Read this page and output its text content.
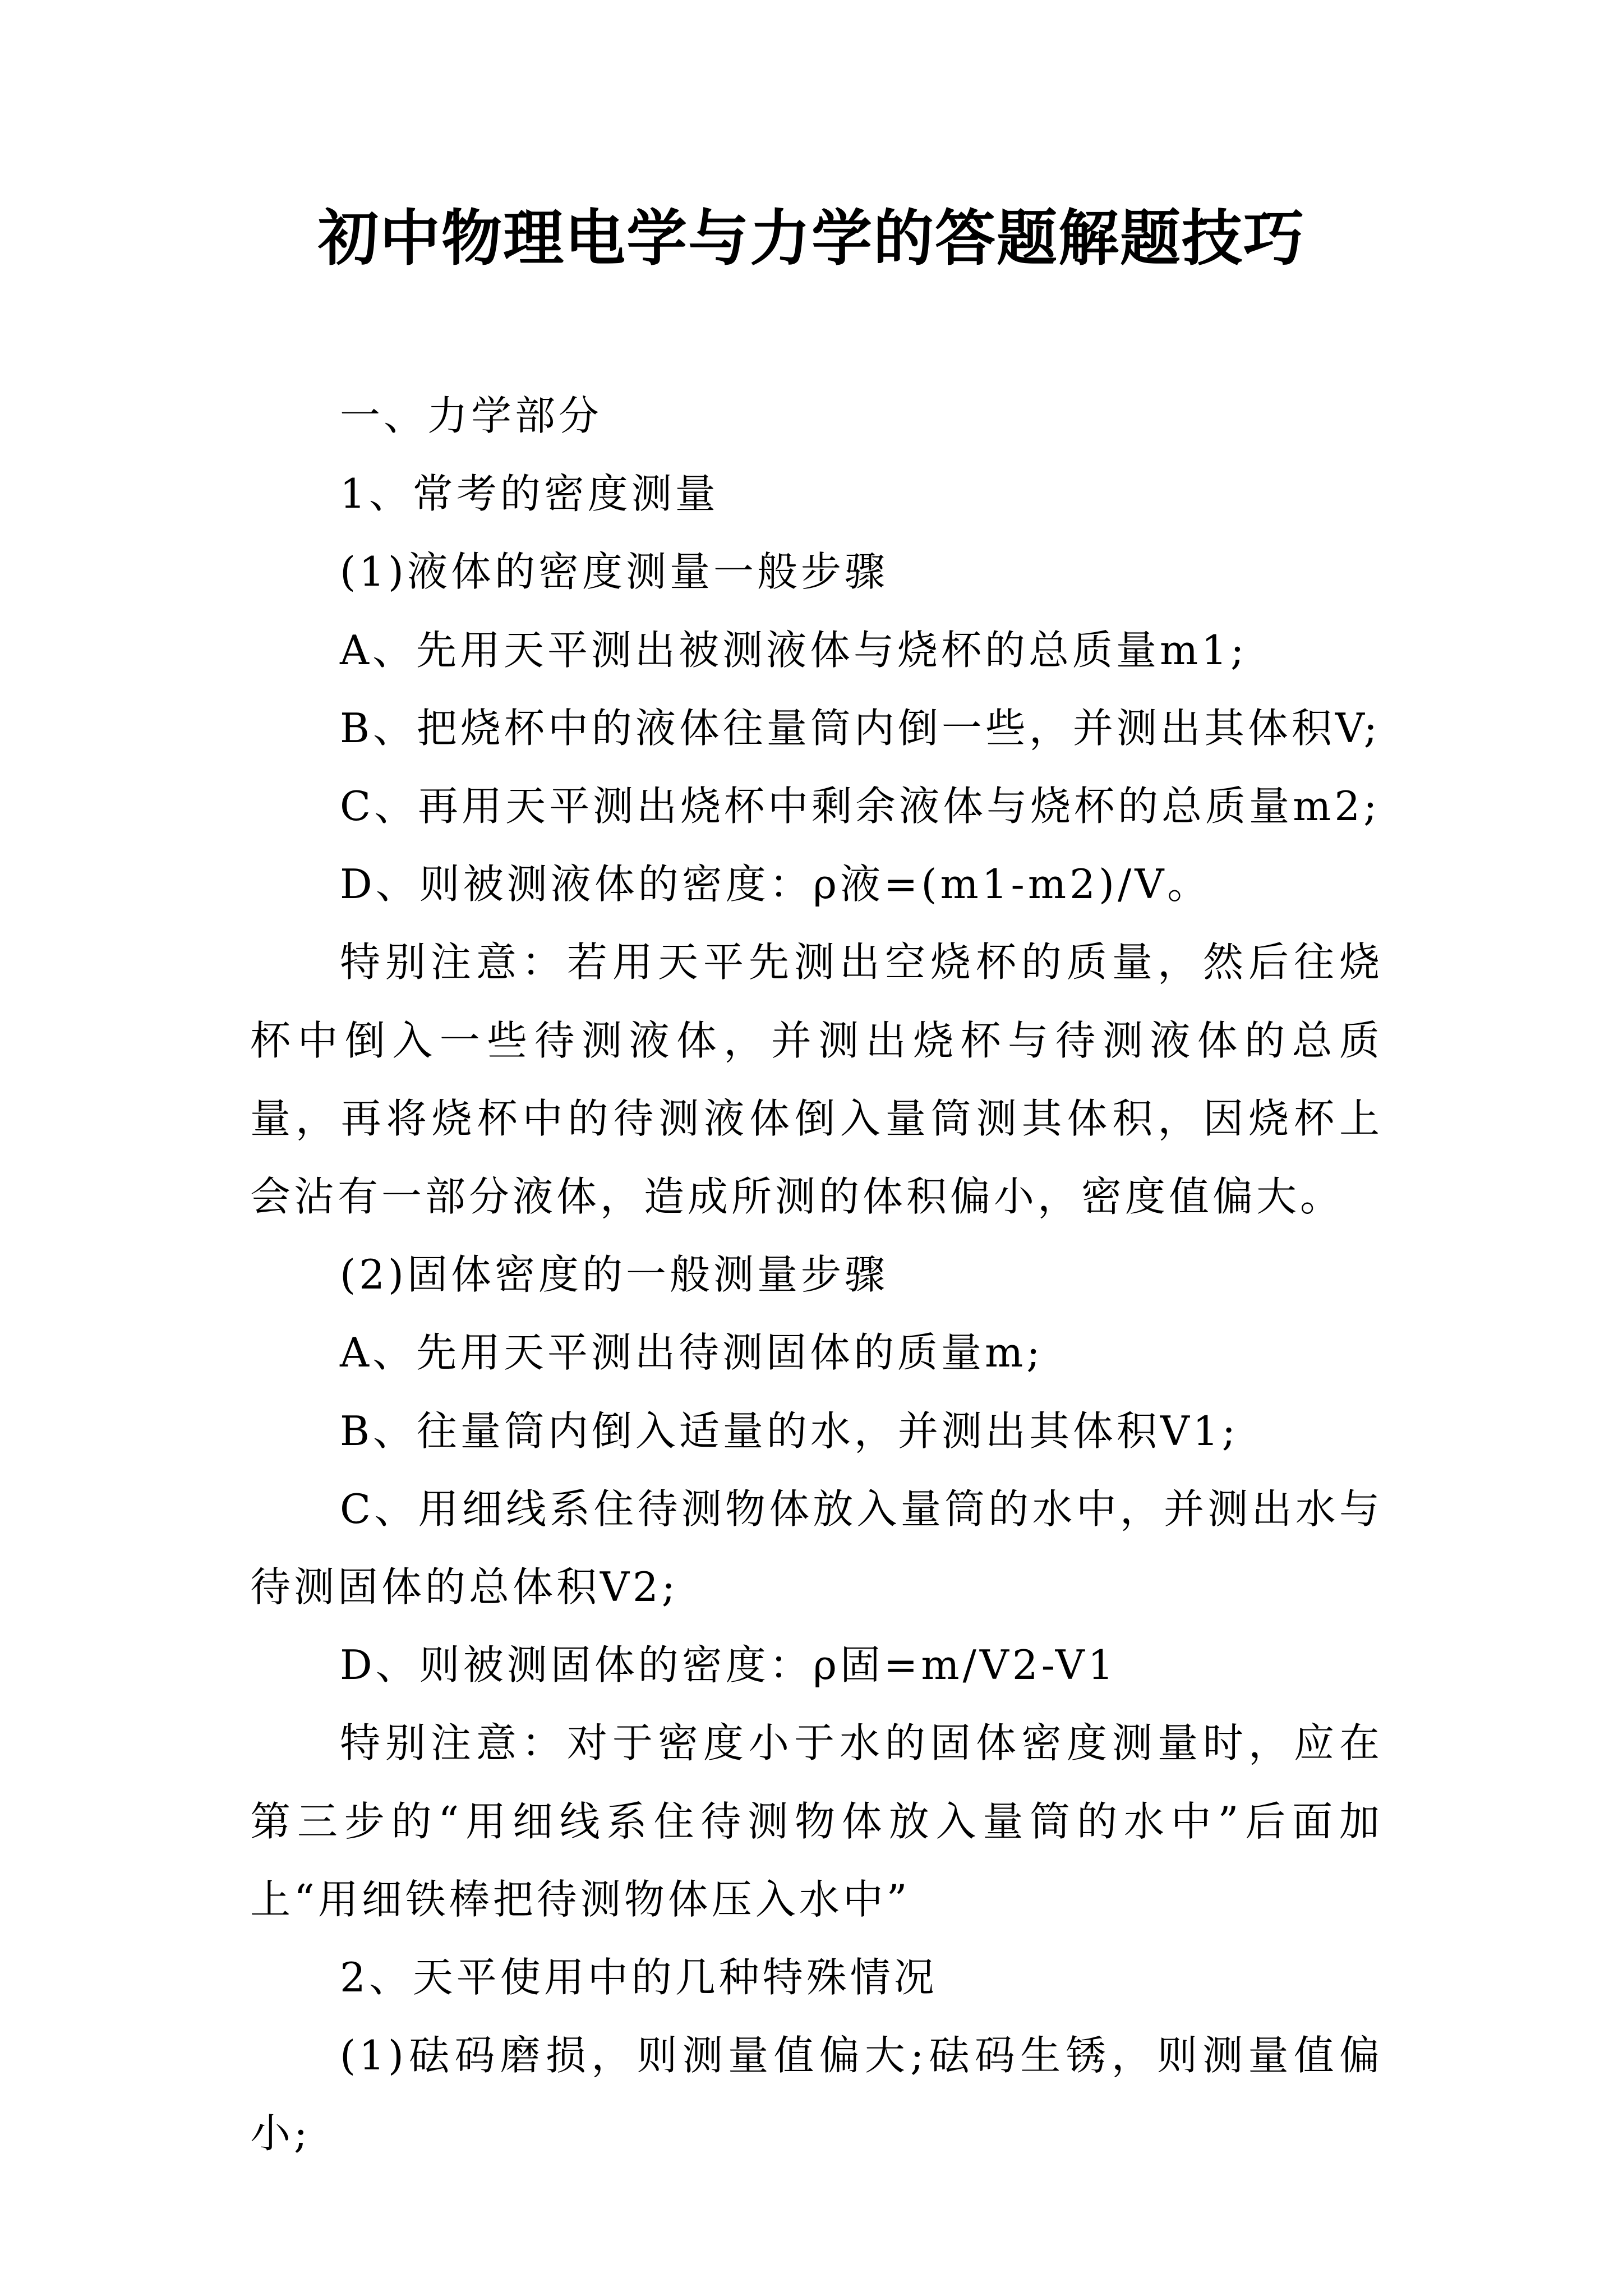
初中物理电学与力学的答题解题技巧

一、力学部分

1、常考的密度测量

(1)液体的密度测量一般步骤

A、先用天平测出被测液体与烧杯的总质量m1;

B、把烧杯中的液体往量筒内倒一些，并测出其体积V;

C、再用天平测出烧杯中剩余液体与烧杯的总质量m2;

D、则被测液体的密度：ρ液=(m1-m2)/V。

特别注意：若用天平先测出空烧杯的质量，然后往烧杯中倒入一些待测液体，并测出烧杯与待测液体的总质量，再将烧杯中的待测液体倒入量筒测其体积，因烧杯上会沾有一部分液体，造成所测的体积偏小，密度值偏大。

(2)固体密度的一般测量步骤

A、先用天平测出待测固体的质量m;

B、往量筒内倒入适量的水，并测出其体积V1;

C、用细线系住待测物体放入量筒的水中，并测出水与待测固体的总体积V2;

D、则被测固体的密度：ρ固=m/V2-V1

特别注意：对于密度小于水的固体密度测量时，应在第三步的“用细线系住待测物体放入量筒的水中”后面加上“用细铁棒把待测物体压入水中”

2、天平使用中的几种特殊情况

(1)砝码磨损，则测量值偏大;砝码生锈，则测量值偏小;
